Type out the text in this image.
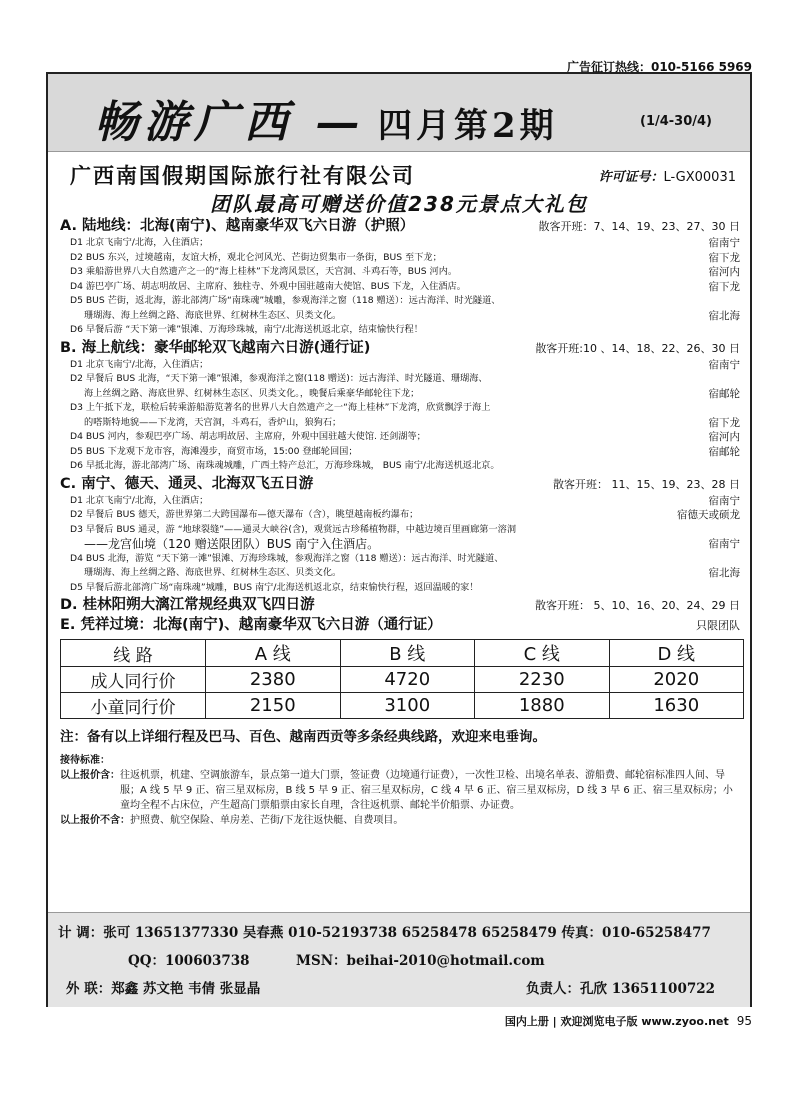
广告征订热线：010-5166 5969
畅游广西 — 四月第2期	(1/4-30/4)
广西南国假期国际旅行社有限公司	许可证号：L-GX00031
团队最高可赠送价值238元景点大礼包
A. 陆地线：北海(南宁)、越南豪华双飞六日游（护照）	散客开班：7、14、19、23、27、30 日
D1 北京飞南宁/北海，入住酒店；	宿南宁
D2 BUS 东兴，过境越南，友谊大桥，观北仑河风光、芒街边贸集市一条街，BUS 至下龙；	宿下龙
D3 乘船游世界八大自然遗产之一的“海上桂林”下龙湾风景区，天宫洞、斗鸡石等，BUS 河内。	宿河内
D4 游巴亭广场、胡志明故居、主席府、独柱寺、外观中国驻越南大使馆、BUS 下龙，入住酒店。	宿下龙
D5 BUS 芒街，返北海，游北部湾广场“南珠魂”城雕，参观海洋之窗（118 赠送）：远古海洋、时光隧道、
珊瑚海、海上丝绸之路、海底世界、红树林生态区、贝类文化。	宿北海
D6 早餐后游 “天下第一滩”银滩、万海珍珠城，南宁/北海送机返北京，结束愉快行程！
B. 海上航线：豪华邮轮双飞越南六日游(通行证)	散客开班:10 、14、18、22、26、30 日
D1 北京飞南宁/北海，入住酒店；	宿南宁
D2 早餐后 BUS 北海，“天下第一滩”银滩，参观海洋之窗(118 赠送)：远古海洋、时光隧道、珊瑚海、
海上丝绸之路、海底世界、红树林生态区、贝类文化。，晚餐后乘豪华邮轮往下龙；	宿邮轮
D3 上午抵下龙，联检后转乘游船游览著名的世界八大自然遗产之一“海上桂林”下龙湾，欣赏飘浮于海上
的嗒斯特地貌——下龙湾，天宫洞，斗鸡石，香炉山，狼狗石；	宿下龙
D4 BUS 河内，参观巴亭广场、胡志明故居、主席府，外观中国驻越大使馆. 还剑湖等；	宿河内
D5 BUS 下龙观下龙市容，海滩漫步，商贸市场，15:00 登邮轮回国；	宿邮轮
D6 早抵北海，游北部湾广场、南珠魂城雕，广西土特产总汇，万海珍珠城， BUS 南宁/北海送机返北京。
C. 南宁、德天、通灵、北海双飞五日游	散客开班： 11、15、19、23、28 日
D1 北京飞南宁/北海，入住酒店；	宿南宁
D2 早餐后 BUS 德天，游世界第二大跨国瀑布—德天瀑布（含），眺望越南板约瀑布；	宿德天或硕龙
D3 早餐后 BUS 通灵，游 “地球裂缝”——通灵大峡谷(含)，观赏远古珍稀植物群，中越边境百里画廊第一溶洞
——龙宫仙境（120 赠送限团队）BUS 南宁入住酒店。	宿南宁
D4 BUS 北海，游览 “天下第一滩”银滩、万海珍珠城，参观海洋之窗（118 赠送）：远古海洋、时光隧道、
珊瑚海、海上丝绸之路、海底世界、红树林生态区、贝类文化。	宿北海
D5 早餐后游北部湾广场“南珠魂”城雕，BUS 南宁/北海送机返北京，结束愉快行程，返回温暖的家！
D. 桂林阳朔大漓江常规经典双飞四日游	散客开班： 5、10、16、20、24、29 日
E. 凭祥过境：北海(南宁)、越南豪华双飞六日游（通行证）	只限团队
线 路	A 线	B 线	C 线	D 线
成人同行价	2380	4720	2230	2020
小童同行价	2150	3100	1880	1630
注：备有以上详细行程及巴马、百色、越南西贡等多条经典线路，欢迎来电垂询。
接待标准：
以上报价含： 往返机票，机建、空调旅游车，景点第一道大门票，签证费（边境通行证费），一次性卫检、出境名单表、游船费、邮轮宿标准四人间、导服；A 线 5 早 9 正、宿三星双标房，B 线 5 早 9 正、宿三星双标房，C 线 4 早 6 正、宿三星双标房，D 线 3 早 6 正、宿三星双标房；小童均全程不占床位，产生超高门票船票由家长自理，含往返机票、邮轮半价船票、办证费。
以上报价不含： 护照费、航空保险、单房差、芒街/下龙往返快艇、自费项目。
计 调：张可 13651377330 吴春燕 010-52193738 65258478 65258479 传真：010-65258477
QQ：100603738	MSN：beihai-2010@hotmail.com
外 联：郑鑫 苏文艳 韦倩 张显晶	负责人：孔欣 13651100722
国内上册 | 欢迎浏览电子版 www.zyoo.net 95
